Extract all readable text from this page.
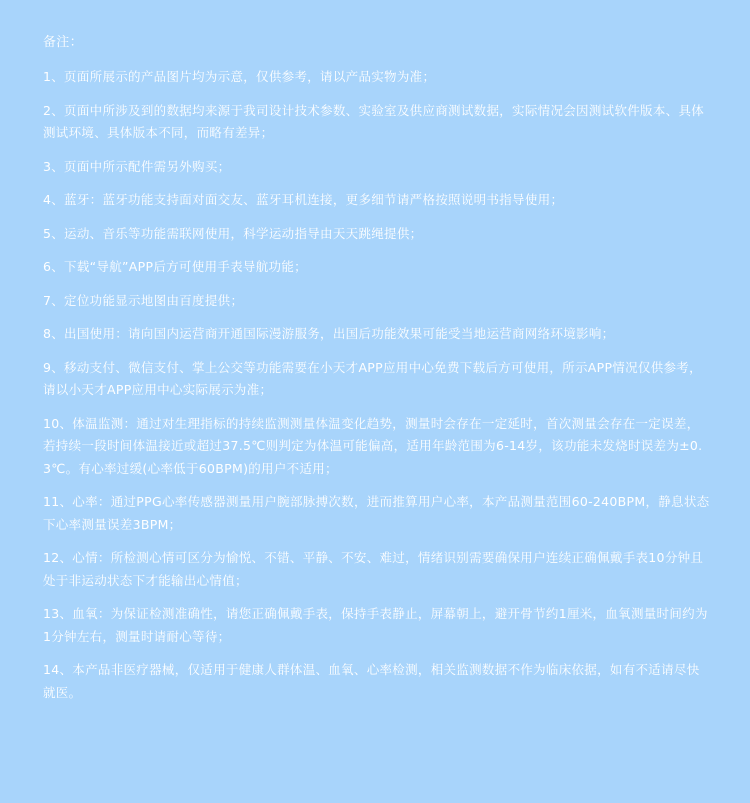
备注：
1、页面所展示的产品图片均为示意，仅供参考，请以产品实物为准；
2、页面中所涉及到的数据均来源于我司设计技术参数、实验室及供应商测试数据，实际情况会因测试软件版本、具体测试环境、具体版本不同，而略有差异；
3、页面中所示配件需另外购买；
4、蓝牙：蓝牙功能支持面对面交友、蓝牙耳机连接，更多细节请严格按照说明书指导使用；
5、运动、音乐等功能需联网使用，科学运动指导由天天跳绳提供；
6、下载“导航”APP后方可使用手表导航功能；
7、定位功能显示地图由百度提供；
8、出国使用：请向国内运营商开通国际漫游服务，出国后功能效果可能受当地运营商网络环境影响；
9、移动支付、微信支付、掌上公交等功能需要在小天才APP应用中心免费下载后方可使用，所示APP情况仅供参考，请以小天才APP应用中心实际展示为准；
10、体温监测：通过对生理指标的持续监测测量体温变化趋势，测量时会存在一定延时，首次测量会存在一定误差，若持续一段时间体温接近或超过37.5℃则判定为体温可能偏高，适用年龄范围为6-14岁，该功能未发烧时误差为±0.3℃。有心率过缓(心率低于60BPM)的用户不适用；
11、心率：通过PPG心率传感器测量用户腕部脉搏次数，进而推算用户心率，本产品测量范围60-240BPM，静息状态下心率测量误差3BPM；
12、心情：所检测心情可区分为愉悦、不错、平静、不安、难过，情绪识别需要确保用户连续正确佩戴手表10分钟且处于非运动状态下才能输出心情值；
13、血氧：为保证检测准确性，请您正确佩戴手表，保持手表静止，屏幕朝上，避开骨节约1厘米，血氧测量时间约为1分钟左右，测量时请耐心等待；
14、本产品非医疗器械，仅适用于健康人群体温、血氧、心率检测，相关监测数据不作为临床依据，如有不适请尽快就医。
